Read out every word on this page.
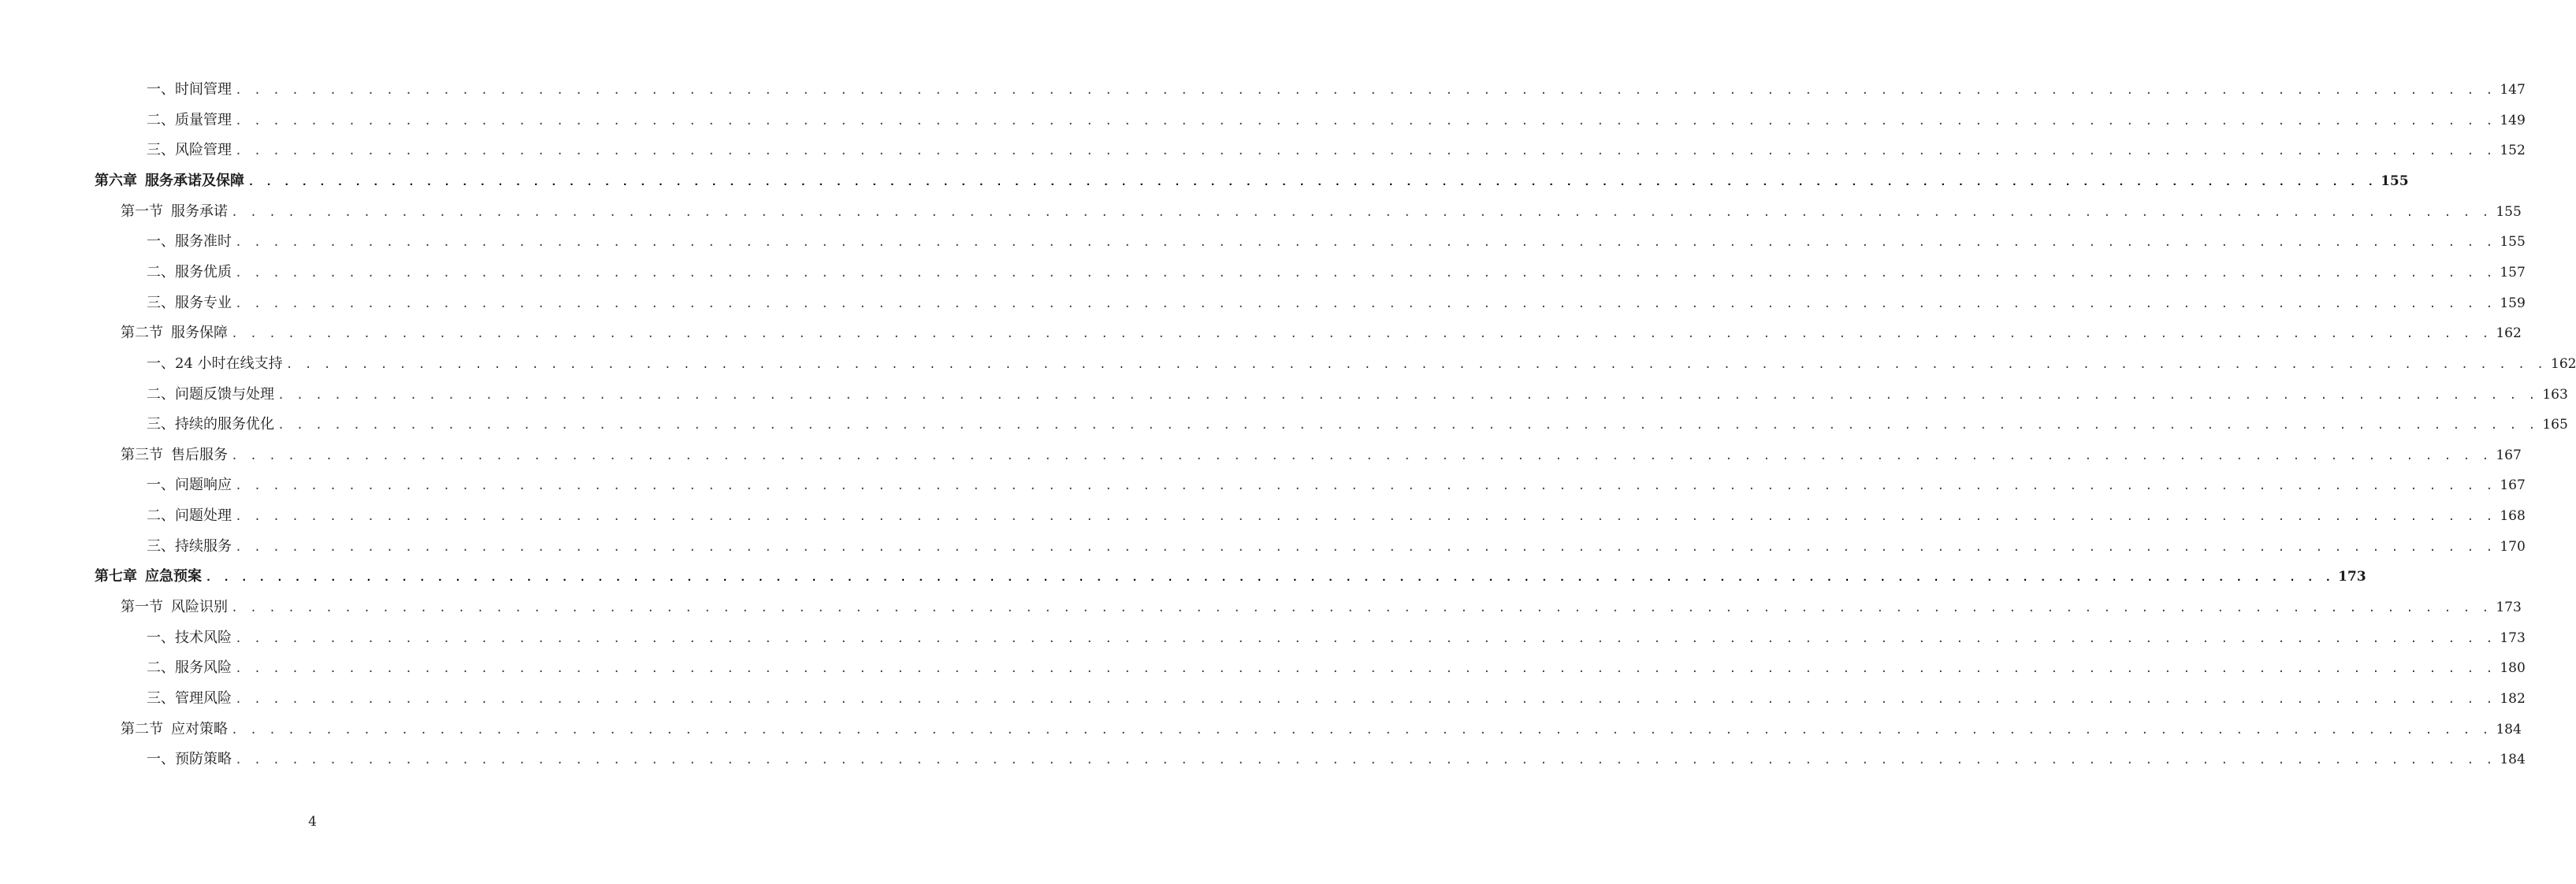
一、时间管理 . . . . . . . . . . . . . . . . . . . . . . . . . . . . . . . . . . . . . . . . . . . . . . . . . . . . . . . . . . . . . . . . . . . . . . . . . . . . . . . . . . . . . . . . . . . . . . . . . . . . . . . . . . . . . . . . . . . . . . . . 147
二、质量管理 . . . . . . . . . . . . . . . . . . . . . . . . . . . . . . . . . . . . . . . . . . . . . . . . . . . . . . . . . . . . . . . . . . . . . . . . . . . . . . . . . . . . . . . . . . . . . . . . . . . . . . . . . . . . . . . . . . . . . . . . 149
三、风险管理 . . . . . . . . . . . . . . . . . . . . . . . . . . . . . . . . . . . . . . . . . . . . . . . . . . . . . . . . . . . . . . . . . . . . . . . . . . . . . . . . . . . . . . . . . . . . . . . . . . . . . . . . . . . . . . . . . . . . . . . . 152
第六章 服务承诺及保障 . . . . . . . . . . . . . . . . . . . . . . . . . . . . . . . . . . . . . . . . . . . . . . . . . . . . . . . . . . . . . . . . . . . . . . . . . . . . . . . . . . . . . . . . . . . . . . . . . . . . . . . . . . . . . . . . . . . . . . . . 155
第一节 服务承诺 . . . . . . . . . . . . . . . . . . . . . . . . . . . . . . . . . . . . . . . . . . . . . . . . . . . . . . . . . . . . . . . . . . . . . . . . . . . . . . . . . . . . . . . . . . . . . . . . . . . . . . . . . . . . . . . . . . . . . . . . 155
一、服务准时 . . . . . . . . . . . . . . . . . . . . . . . . . . . . . . . . . . . . . . . . . . . . . . . . . . . . . . . . . . . . . . . . . . . . . . . . . . . . . . . . . . . . . . . . . . . . . . . . . . . . . . . . . . . . . . . . . . . . . . . . 155
二、服务优质 . . . . . . . . . . . . . . . . . . . . . . . . . . . . . . . . . . . . . . . . . . . . . . . . . . . . . . . . . . . . . . . . . . . . . . . . . . . . . . . . . . . . . . . . . . . . . . . . . . . . . . . . . . . . . . . . . . . . . . . . 157
三、服务专业 . . . . . . . . . . . . . . . . . . . . . . . . . . . . . . . . . . . . . . . . . . . . . . . . . . . . . . . . . . . . . . . . . . . . . . . . . . . . . . . . . . . . . . . . . . . . . . . . . . . . . . . . . . . . . . . . . . . . . . . . 159
第二节 服务保障 . . . . . . . . . . . . . . . . . . . . . . . . . . . . . . . . . . . . . . . . . . . . . . . . . . . . . . . . . . . . . . . . . . . . . . . . . . . . . . . . . . . . . . . . . . . . . . . . . . . . . . . . . . . . . . . . . . . . . . . . 162
一、24 小时在线支持 . . . . . . . . . . . . . . . . . . . . . . . . . . . . . . . . . . . . . . . . . . . . . . . . . . . . . . . . . . . . . . . . . . . . . . . . . . . . . . . . . . . . . . . . . . . . . . . . . . . . . . . . . . . . . . . . . . . . . . . . 162
二、问题反馈与处理 . . . . . . . . . . . . . . . . . . . . . . . . . . . . . . . . . . . . . . . . . . . . . . . . . . . . . . . . . . . . . . . . . . . . . . . . . . . . . . . . . . . . . . . . . . . . . . . . . . . . . . . . . . . . . . . . . . . . . . . . 163
三、持续的服务优化 . . . . . . . . . . . . . . . . . . . . . . . . . . . . . . . . . . . . . . . . . . . . . . . . . . . . . . . . . . . . . . . . . . . . . . . . . . . . . . . . . . . . . . . . . . . . . . . . . . . . . . . . . . . . . . . . . . . . . . . . 165
第三节 售后服务 . . . . . . . . . . . . . . . . . . . . . . . . . . . . . . . . . . . . . . . . . . . . . . . . . . . . . . . . . . . . . . . . . . . . . . . . . . . . . . . . . . . . . . . . . . . . . . . . . . . . . . . . . . . . . . . . . . . . . . . . 167
一、问题响应 . . . . . . . . . . . . . . . . . . . . . . . . . . . . . . . . . . . . . . . . . . . . . . . . . . . . . . . . . . . . . . . . . . . . . . . . . . . . . . . . . . . . . . . . . . . . . . . . . . . . . . . . . . . . . . . . . . . . . . . . 167
二、问题处理 . . . . . . . . . . . . . . . . . . . . . . . . . . . . . . . . . . . . . . . . . . . . . . . . . . . . . . . . . . . . . . . . . . . . . . . . . . . . . . . . . . . . . . . . . . . . . . . . . . . . . . . . . . . . . . . . . . . . . . . . 168
三、持续服务 . . . . . . . . . . . . . . . . . . . . . . . . . . . . . . . . . . . . . . . . . . . . . . . . . . . . . . . . . . . . . . . . . . . . . . . . . . . . . . . . . . . . . . . . . . . . . . . . . . . . . . . . . . . . . . . . . . . . . . . . 170
第七章 应急预案 . . . . . . . . . . . . . . . . . . . . . . . . . . . . . . . . . . . . . . . . . . . . . . . . . . . . . . . . . . . . . . . . . . . . . . . . . . . . . . . . . . . . . . . . . . . . . . . . . . . . . . . . . . . . . . . . . . . . . . . . 173
第一节 风险识别 . . . . . . . . . . . . . . . . . . . . . . . . . . . . . . . . . . . . . . . . . . . . . . . . . . . . . . . . . . . . . . . . . . . . . . . . . . . . . . . . . . . . . . . . . . . . . . . . . . . . . . . . . . . . . . . . . . . . . . . . 173
一、技术风险 . . . . . . . . . . . . . . . . . . . . . . . . . . . . . . . . . . . . . . . . . . . . . . . . . . . . . . . . . . . . . . . . . . . . . . . . . . . . . . . . . . . . . . . . . . . . . . . . . . . . . . . . . . . . . . . . . . . . . . . . 173
二、服务风险 . . . . . . . . . . . . . . . . . . . . . . . . . . . . . . . . . . . . . . . . . . . . . . . . . . . . . . . . . . . . . . . . . . . . . . . . . . . . . . . . . . . . . . . . . . . . . . . . . . . . . . . . . . . . . . . . . . . . . . . . 180
三、管理风险 . . . . . . . . . . . . . . . . . . . . . . . . . . . . . . . . . . . . . . . . . . . . . . . . . . . . . . . . . . . . . . . . . . . . . . . . . . . . . . . . . . . . . . . . . . . . . . . . . . . . . . . . . . . . . . . . . . . . . . . . 182
第二节 应对策略 . . . . . . . . . . . . . . . . . . . . . . . . . . . . . . . . . . . . . . . . . . . . . . . . . . . . . . . . . . . . . . . . . . . . . . . . . . . . . . . . . . . . . . . . . . . . . . . . . . . . . . . . . . . . . . . . . . . . . . . . 184
一、预防策略 . . . . . . . . . . . . . . . . . . . . . . . . . . . . . . . . . . . . . . . . . . . . . . . . . . . . . . . . . . . . . . . . . . . . . . . . . . . . . . . . . . . . . . . . . . . . . . . . . . . . . . . . . . . . . . . . . . . . . . . . 184
4
